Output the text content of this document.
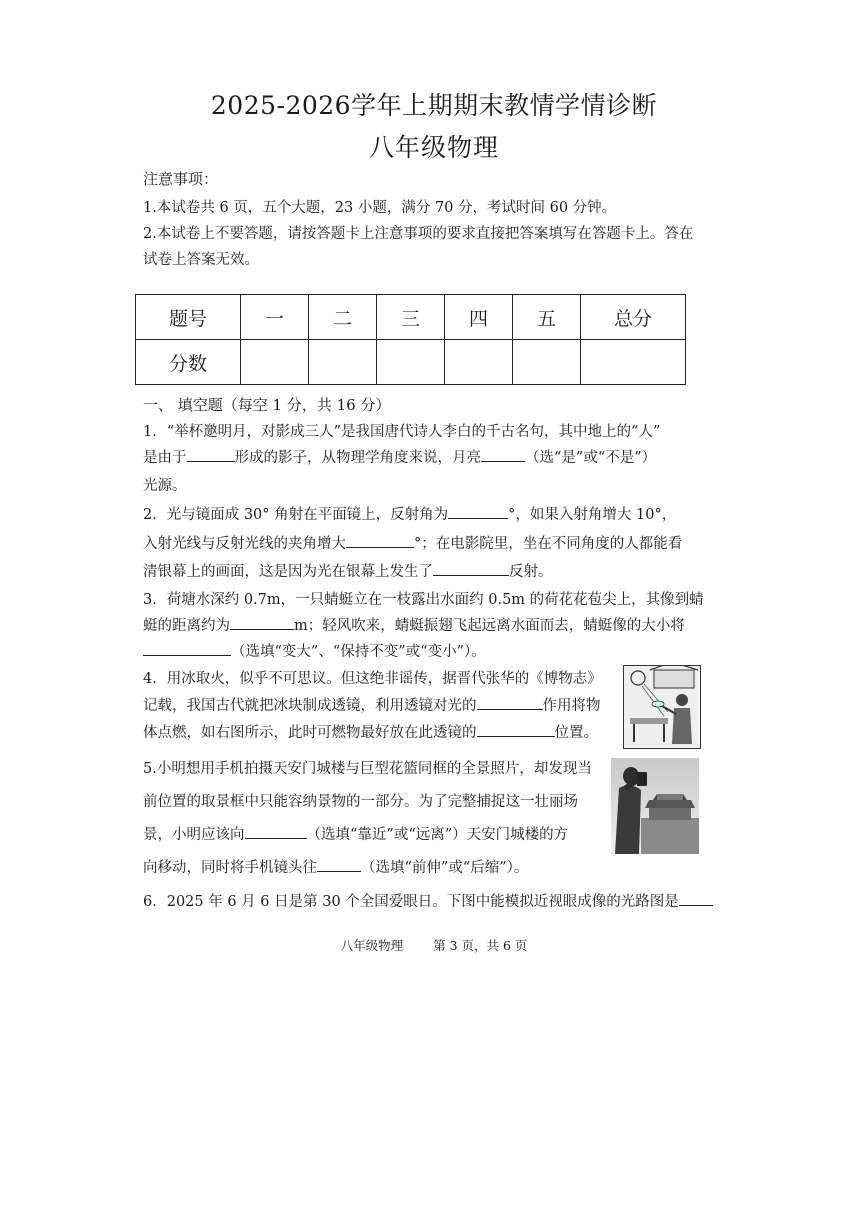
2025-2026学年上期期末教情学情诊断
八年级物理
注意事项：
1.本试卷共 6 页，五个大题，23 小题，满分 70 分，考试时间 60 分钟。
2.本试卷上不要答题，请按答题卡上注意事项的要求直接把答案填写在答题卡上。答在
试卷上答案无效。
题号	一	二	三	四	五	总分
分数						
一、 填空题（每空 1 分，共 16 分）
1．“举杯邀明月，对影成三人”是我国唐代诗人李白的千古名句，其中地上的“人”
是由于	形成的影子，从物理学角度来说，月亮	（选“是”或“不是”）
光源。
2．光与镜面成 30° 角射在平面镜上，反射角为	°，如果入射角增大 10°，
入射光线与反射光线的夹角增大	°；在电影院里，坐在不同角度的人都能看
清银幕上的画面，这是因为光在银幕上发生了	反射。
3．荷塘水深约 0.7m，一只蜻蜓立在一枝露出水面约 0.5m 的荷花花苞尖上，其像到蜻
蜓的距离约为	m；轻风吹来，蜻蜓振翅飞起远离水面而去，蜻蜓像的大小将
（选填“变大”、“保持不变”或“变小”）。
4．用冰取火，似乎不可思议。但这绝非谣传，据晋代张华的《博物志》
记载，我国古代就把冰块制成透镜，利用透镜对光的	作用将物
体点燃，如右图所示，此时可燃物最好放在此透镜的	位置。
5.小明想用手机拍摄天安门城楼与巨型花篮同框的全景照片，却发现当
前位置的取景框中只能容纳景物的一部分。为了完整捕捉这一壮丽场
景，小明应该向	（选填“靠近”或“远离”）天安门城楼的方
向移动，同时将手机镜头往	（选填“前伸”或“后缩”）。
6．2025 年 6 月 6 日是第 30 个全国爱眼日。下图中能模拟近视眼成像的光路图是
八年级物理 第 3 页，共 6 页
